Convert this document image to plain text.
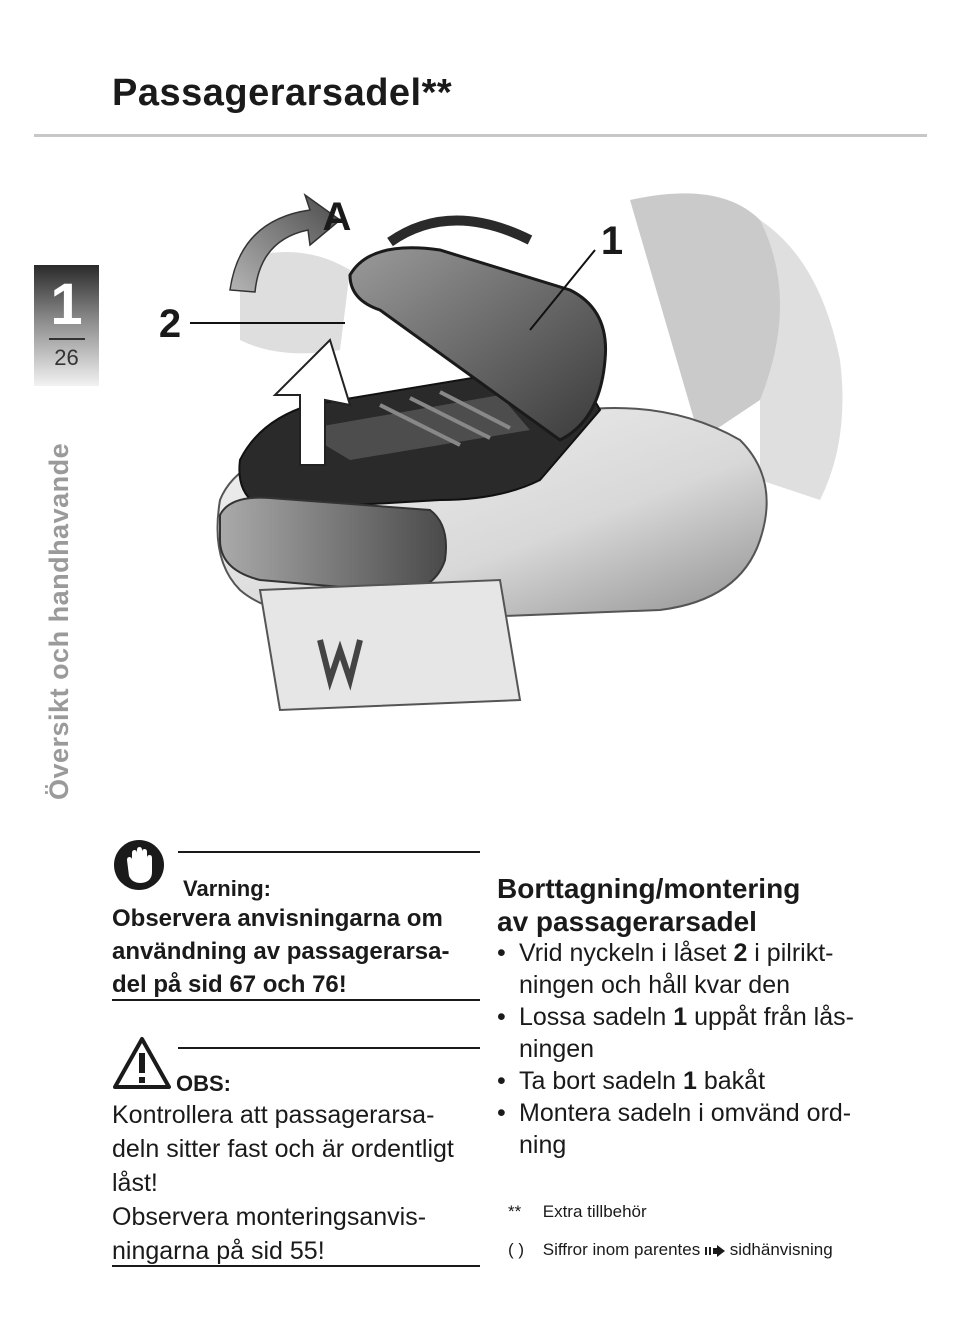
Passagerarsadel**
1
26
Översikt och handhavande
A
1
2
Varning:
Observera anvisningarna om
användning av passagerarsa-
del på sid 67 och 76!
OBS:
Kontrollera att passagerarsa-
deln sitter fast och är ordentligt
låst!
Observera monteringsanvis-
ningarna på sid 55!
Borttagning/montering
av passagerarsadel
• Vrid nyckeln i låset 2 i pilrikt-
ningen och håll kvar den
• Lossa sadeln 1 uppåt från lås-
ningen
• Ta bort sadeln 1 bakåt
• Montera sadeln i omvänd ord-
ning
** Extra tillbehör
( ) Siffror inom parentes sidhänvisning
